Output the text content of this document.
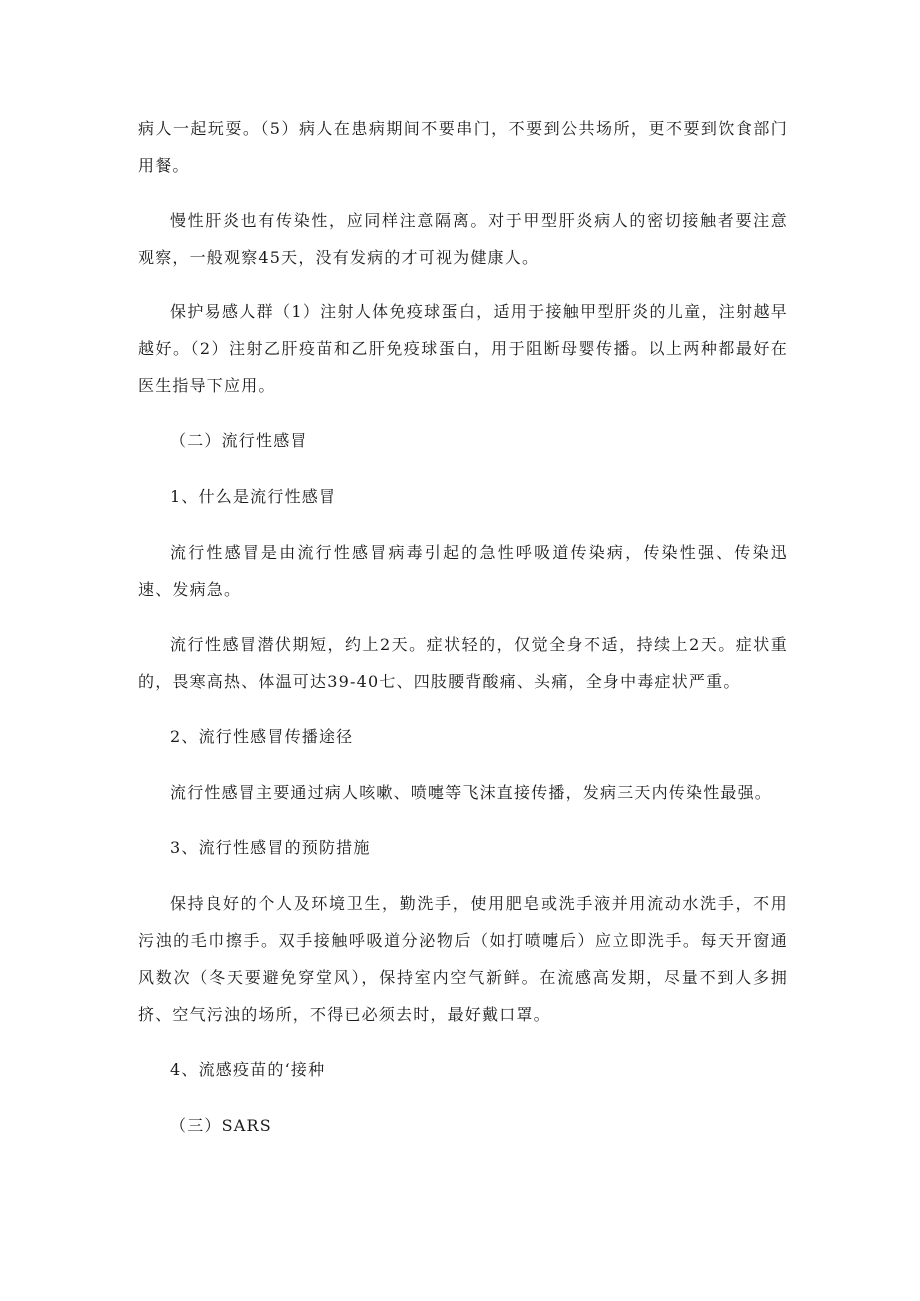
病人一起玩耍。（5）病人在患病期间不要串门，不要到公共场所，更不要到饮食部门用餐。

慢性肝炎也有传染性，应同样注意隔离。对于甲型肝炎病人的密切接触者要注意观察，一般观察45天，没有发病的才可视为健康人。

保护易感人群（1）注射人体免疫球蛋白，适用于接触甲型肝炎的儿童，注射越早越好。（2）注射乙肝疫苗和乙肝免疫球蛋白，用于阻断母婴传播。以上两种都最好在医生指导下应用。

（二）流行性感冒

1、什么是流行性感冒

流行性感冒是由流行性感冒病毒引起的急性呼吸道传染病，传染性强、传染迅速、发病急。

流行性感冒潜伏期短，约上2天。症状轻的，仅觉全身不适，持续上2天。症状重的，畏寒高热、体温可达39-40七、四肢腰背酸痛、头痛，全身中毒症状严重。

2、流行性感冒传播途径

流行性感冒主要通过病人咳嗽、喷嚏等飞沫直接传播，发病三天内传染性最强。

3、流行性感冒的预防措施

保持良好的个人及环境卫生，勤洗手，使用肥皂或洗手液并用流动水洗手，不用污浊的毛巾擦手。双手接触呼吸道分泌物后（如打喷嚏后）应立即洗手。每天开窗通风数次（冬天要避免穿堂风），保持室内空气新鲜。在流感高发期，尽量不到人多拥挤、空气污浊的场所，不得已必须去时，最好戴口罩。

4、流感疫苗的‘接种

（三）SARS
